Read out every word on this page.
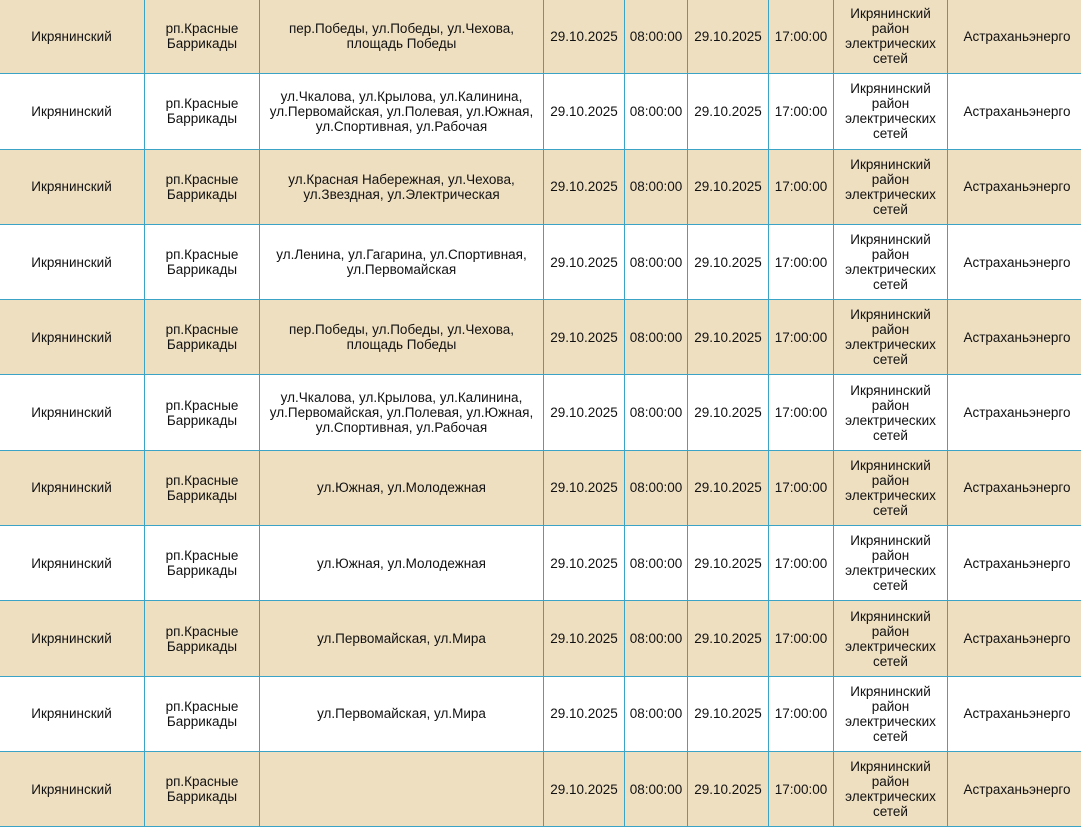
Икрянинский	рп.Красные Баррикады	пер.Победы, ул.Победы, ул.Чехова, площадь Победы	29.10.2025	08:00:00	29.10.2025	17:00:00	Икрянинский район электрических сетей	Астраханьэнерго
Икрянинский	рп.Красные Баррикады	ул.Чкалова, ул.Крылова, ул.Калинина, ул.Первомайская, ул.Полевая, ул.Южная, ул.Спортивная, ул.Рабочая	29.10.2025	08:00:00	29.10.2025	17:00:00	Икрянинский район электрических сетей	Астраханьэнерго
Икрянинский	рп.Красные Баррикады	ул.Красная Набережная, ул.Чехова, ул.Звездная, ул.Электрическая	29.10.2025	08:00:00	29.10.2025	17:00:00	Икрянинский район электрических сетей	Астраханьэнерго
Икрянинский	рп.Красные Баррикады	ул.Ленина, ул.Гагарина, ул.Спортивная, ул.Первомайская	29.10.2025	08:00:00	29.10.2025	17:00:00	Икрянинский район электрических сетей	Астраханьэнерго
Икрянинский	рп.Красные Баррикады	пер.Победы, ул.Победы, ул.Чехова, площадь Победы	29.10.2025	08:00:00	29.10.2025	17:00:00	Икрянинский район электрических сетей	Астраханьэнерго
Икрянинский	рп.Красные Баррикады	ул.Чкалова, ул.Крылова, ул.Калинина, ул.Первомайская, ул.Полевая, ул.Южная, ул.Спортивная, ул.Рабочая	29.10.2025	08:00:00	29.10.2025	17:00:00	Икрянинский район электрических сетей	Астраханьэнерго
Икрянинский	рп.Красные Баррикады	ул.Южная, ул.Молодежная	29.10.2025	08:00:00	29.10.2025	17:00:00	Икрянинский район электрических сетей	Астраханьэнерго
Икрянинский	рп.Красные Баррикады	ул.Южная, ул.Молодежная	29.10.2025	08:00:00	29.10.2025	17:00:00	Икрянинский район электрических сетей	Астраханьэнерго
Икрянинский	рп.Красные Баррикады	ул.Первомайская, ул.Мира	29.10.2025	08:00:00	29.10.2025	17:00:00	Икрянинский район электрических сетей	Астраханьэнерго
Икрянинский	рп.Красные Баррикады	ул.Первомайская, ул.Мира	29.10.2025	08:00:00	29.10.2025	17:00:00	Икрянинский район электрических сетей	Астраханьэнерго
Икрянинский	рп.Красные Баррикады		29.10.2025	08:00:00	29.10.2025	17:00:00	Икрянинский район электрических сетей	Астраханьэнерго
